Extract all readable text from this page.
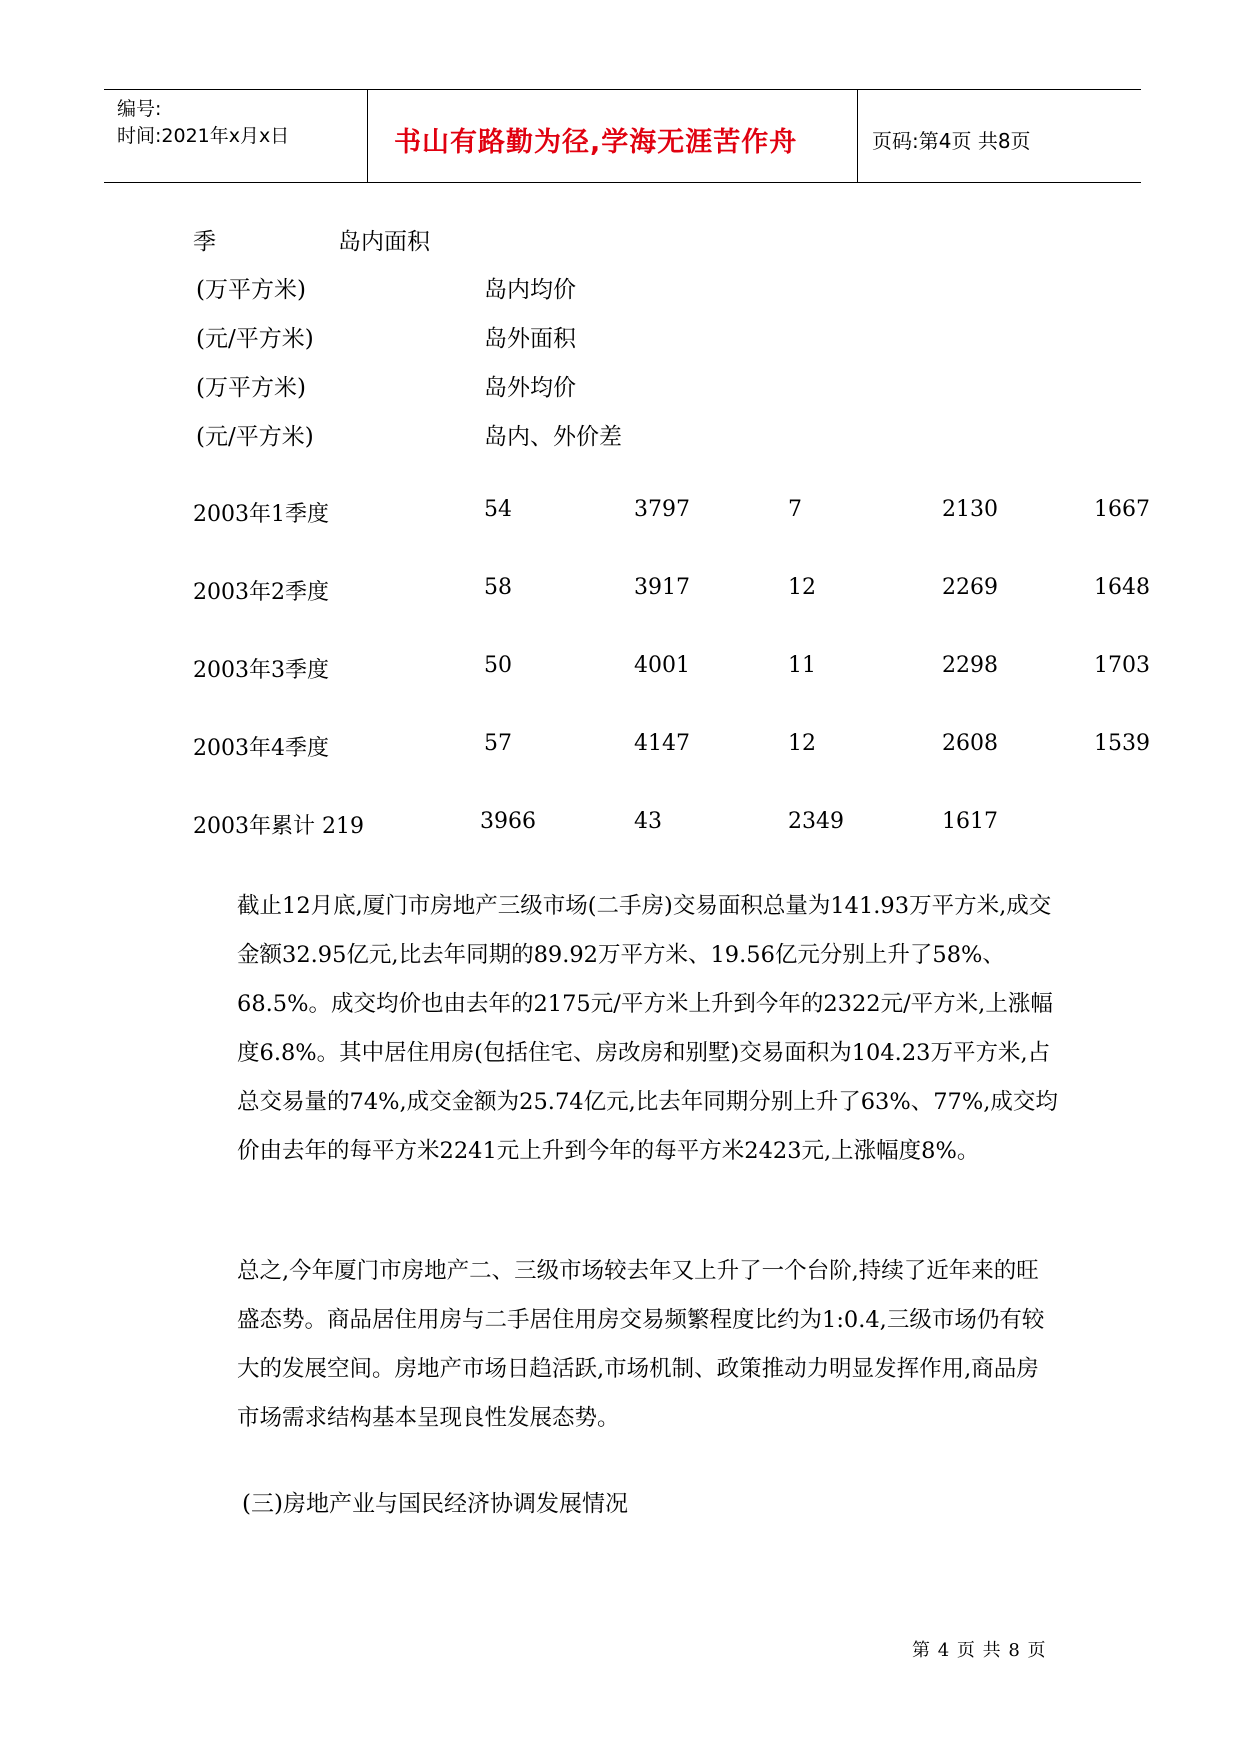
编号:
时间:2021年x月x日	书山有路勤为径,学海无涯苦作舟	页码:第4页 共8页
季	岛内面积
(万平方米)	岛内均价
(元/平方米)	岛外面积
(万平方米)	岛外均价
(元/平方米)	岛内、外价差
2003年1季度	54	3797	7	2130	1667
2003年2季度	58	3917	12	2269	1648
2003年3季度	50	4001	11	2298	1703
2003年4季度	57	4147	12	2608	1539
2003年累计 219	3966	43	2349	1617

截止12月底,厦门市房地产三级市场(二手房)交易面积总量为141.93万平方米,成交金额32.95亿元,比去年同期的89.92万平方米、19.56亿元分别上升了58%、68.5%。成交均价也由去年的2175元/平方米上升到今年的2322元/平方米,上涨幅度6.8%。其中居住用房(包括住宅、房改房和别墅)交易面积为104.23万平方米,占总交易量的74%,成交金额为25.74亿元,比去年同期分别上升了63%、77%,成交均价由去年的每平方米2241元上升到今年的每平方米2423元,上涨幅度8%。

总之,今年厦门市房地产二、三级市场较去年又上升了一个台阶,持续了近年来的旺盛态势。商品居住用房与二手居住用房交易频繁程度比约为1:0.4,三级市场仍有较大的发展空间。房地产市场日趋活跃,市场机制、政策推动力明显发挥作用,商品房市场需求结构基本呈现良性发展态势。

(三)房地产业与国民经济协调发展情况
第 4 页 共 8 页
